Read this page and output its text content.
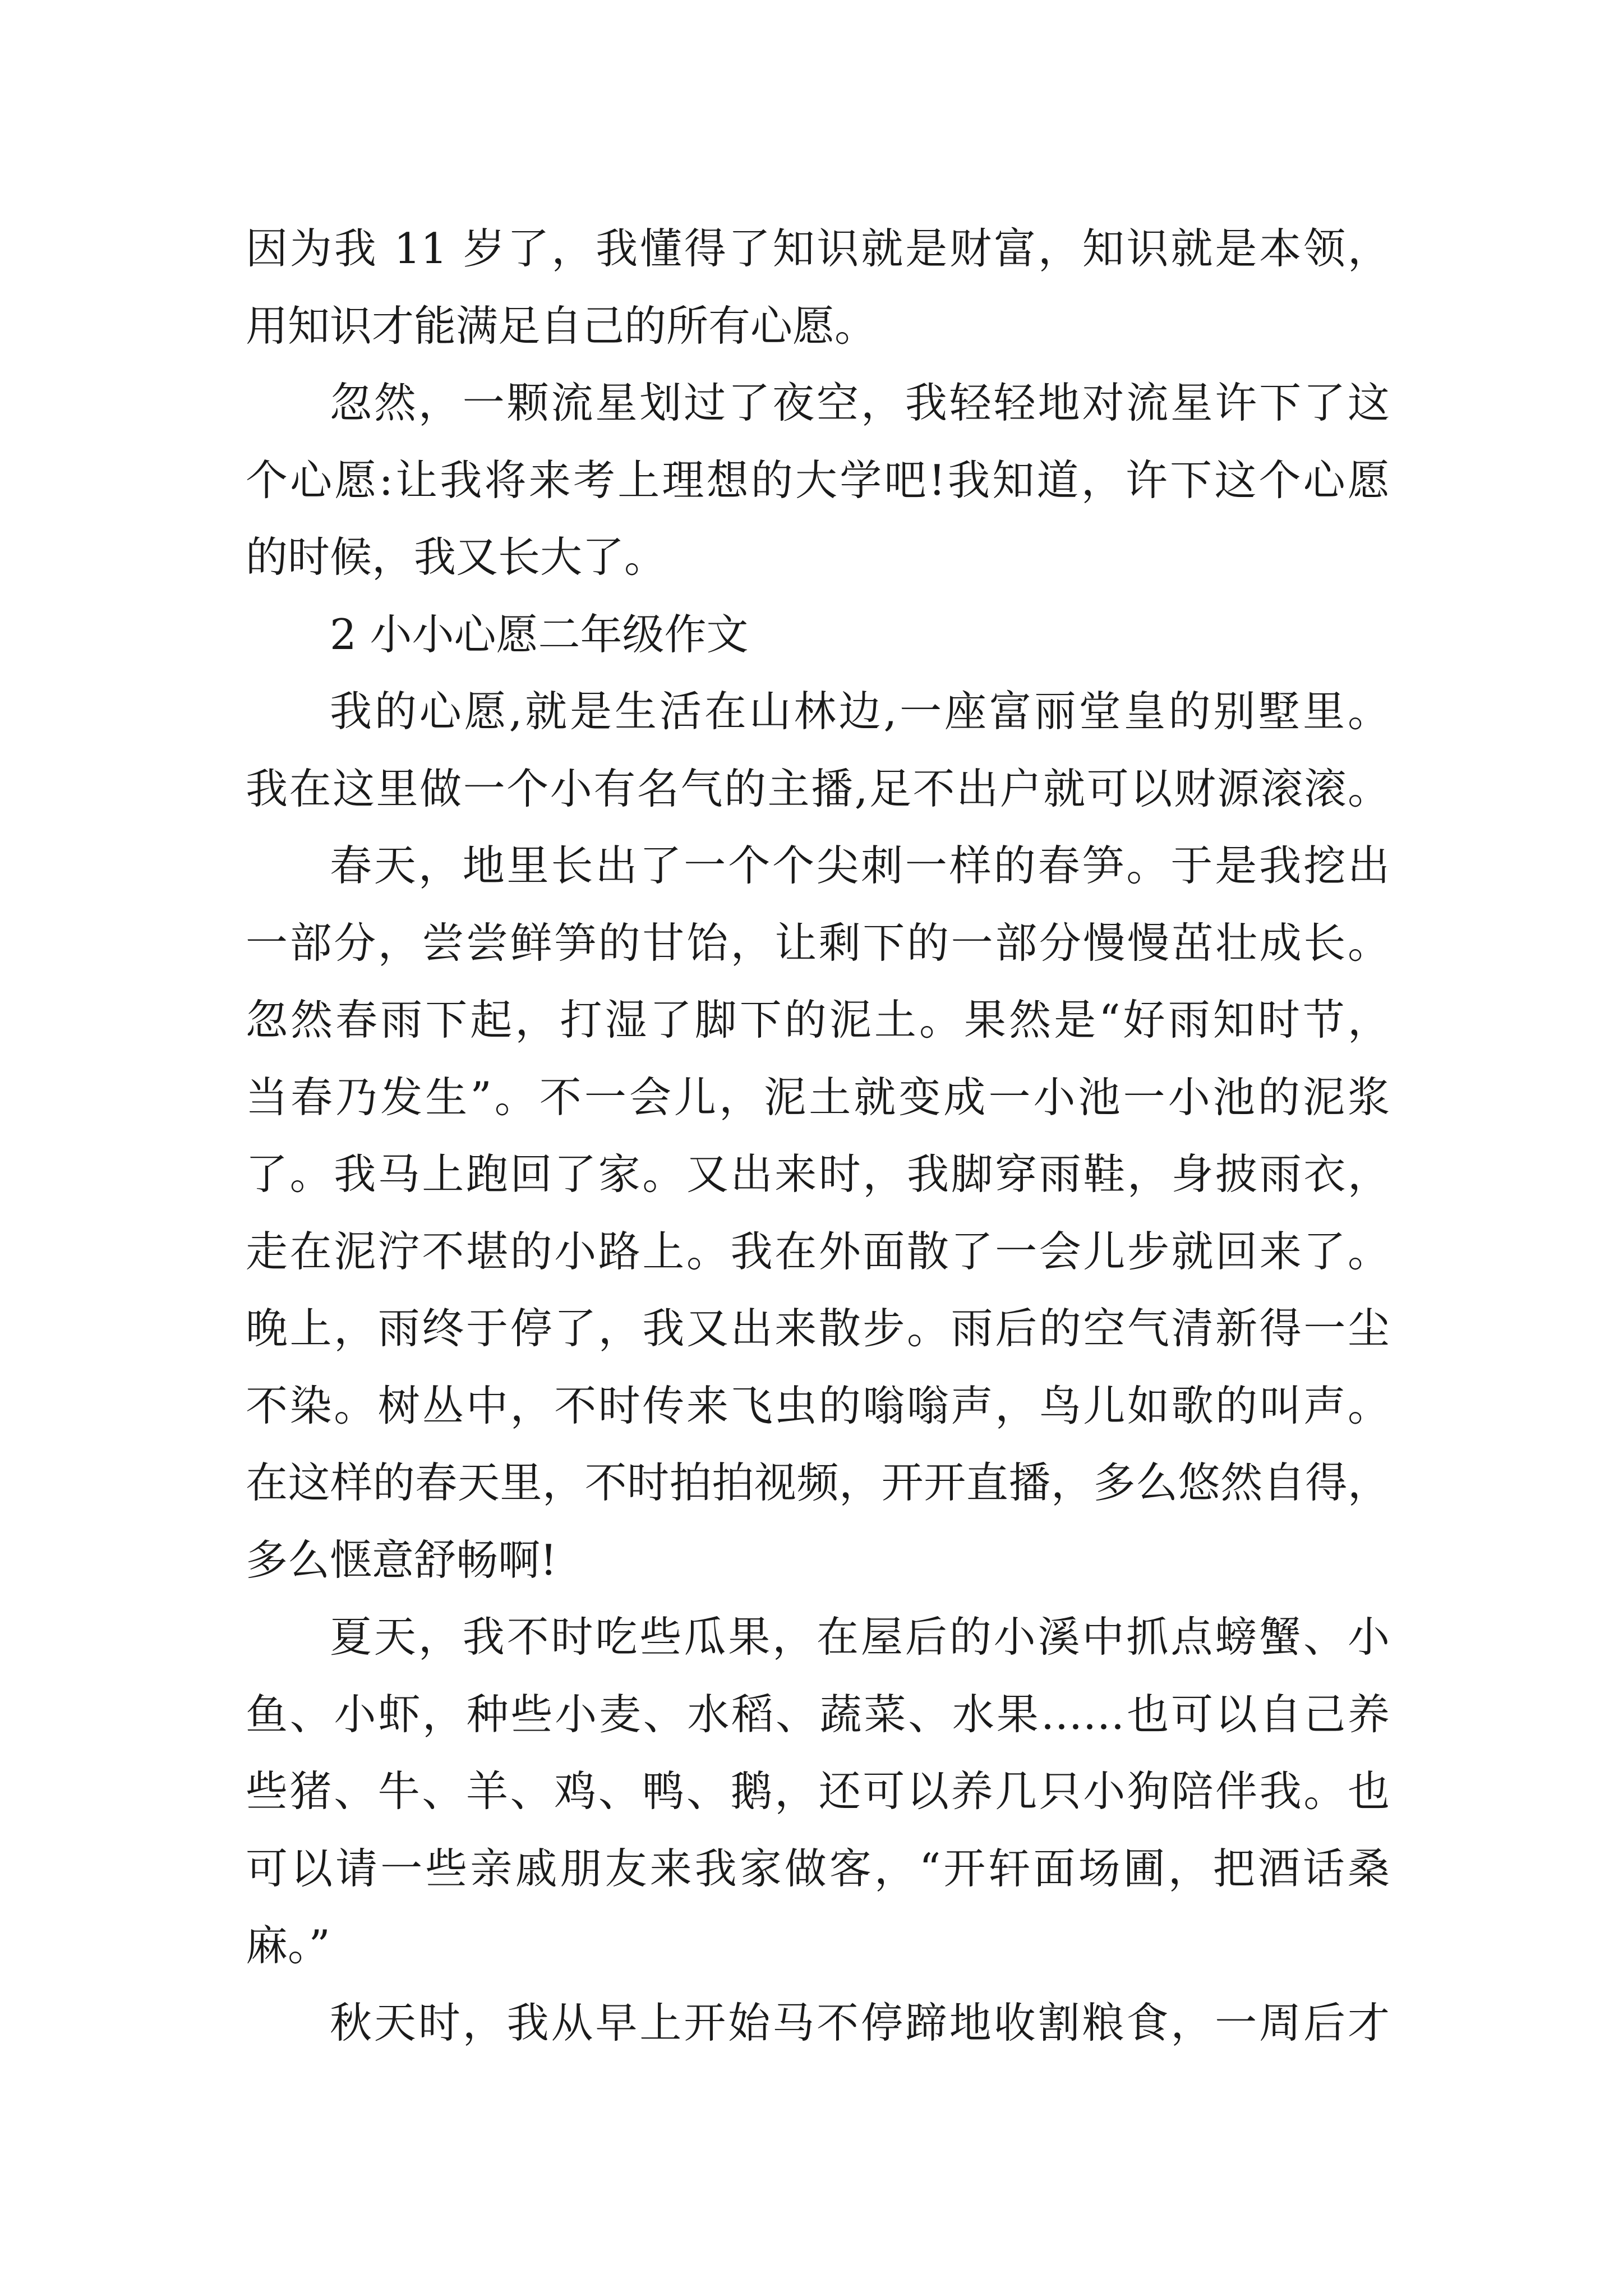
因为我 11 岁了，我懂得了知识就是财富，知识就是本领，
用知识才能满足自己的所有心愿。
忽然，一颗流星划过了夜空，我轻轻地对流星许下了这
个心愿:让我将来考上理想的大学吧!我知道，许下这个心愿
的时候，我又长大了。
2 小小心愿二年级作文
我的心愿,就是生活在山林边,一座富丽堂皇的别墅里。
我在这里做一个小有名气的主播,足不出户就可以财源滚滚。
春天，地里长出了一个个尖刺一样的春笋。于是我挖出
一部分，尝尝鲜笋的甘饴，让剩下的一部分慢慢茁壮成长。
忽然春雨下起，打湿了脚下的泥土。果然是“好雨知时节，
当春乃发生”。不一会儿，泥土就变成一小池一小池的泥浆
了。我马上跑回了家。又出来时，我脚穿雨鞋，身披雨衣，
走在泥泞不堪的小路上。我在外面散了一会儿步就回来了。
晚上，雨终于停了，我又出来散步。雨后的空气清新得一尘
不染。树丛中，不时传来飞虫的嗡嗡声，鸟儿如歌的叫声。
在这样的春天里，不时拍拍视频，开开直播，多么悠然自得，
多么惬意舒畅啊!
夏天，我不时吃些瓜果，在屋后的小溪中抓点螃蟹、小
鱼、小虾，种些小麦、水稻、蔬菜、水果……也可以自己养
些猪、牛、羊、鸡、鸭、鹅，还可以养几只小狗陪伴我。也
可以请一些亲戚朋友来我家做客，“开轩面场圃，把酒话桑
麻。”
秋天时，我从早上开始马不停蹄地收割粮食，一周后才
